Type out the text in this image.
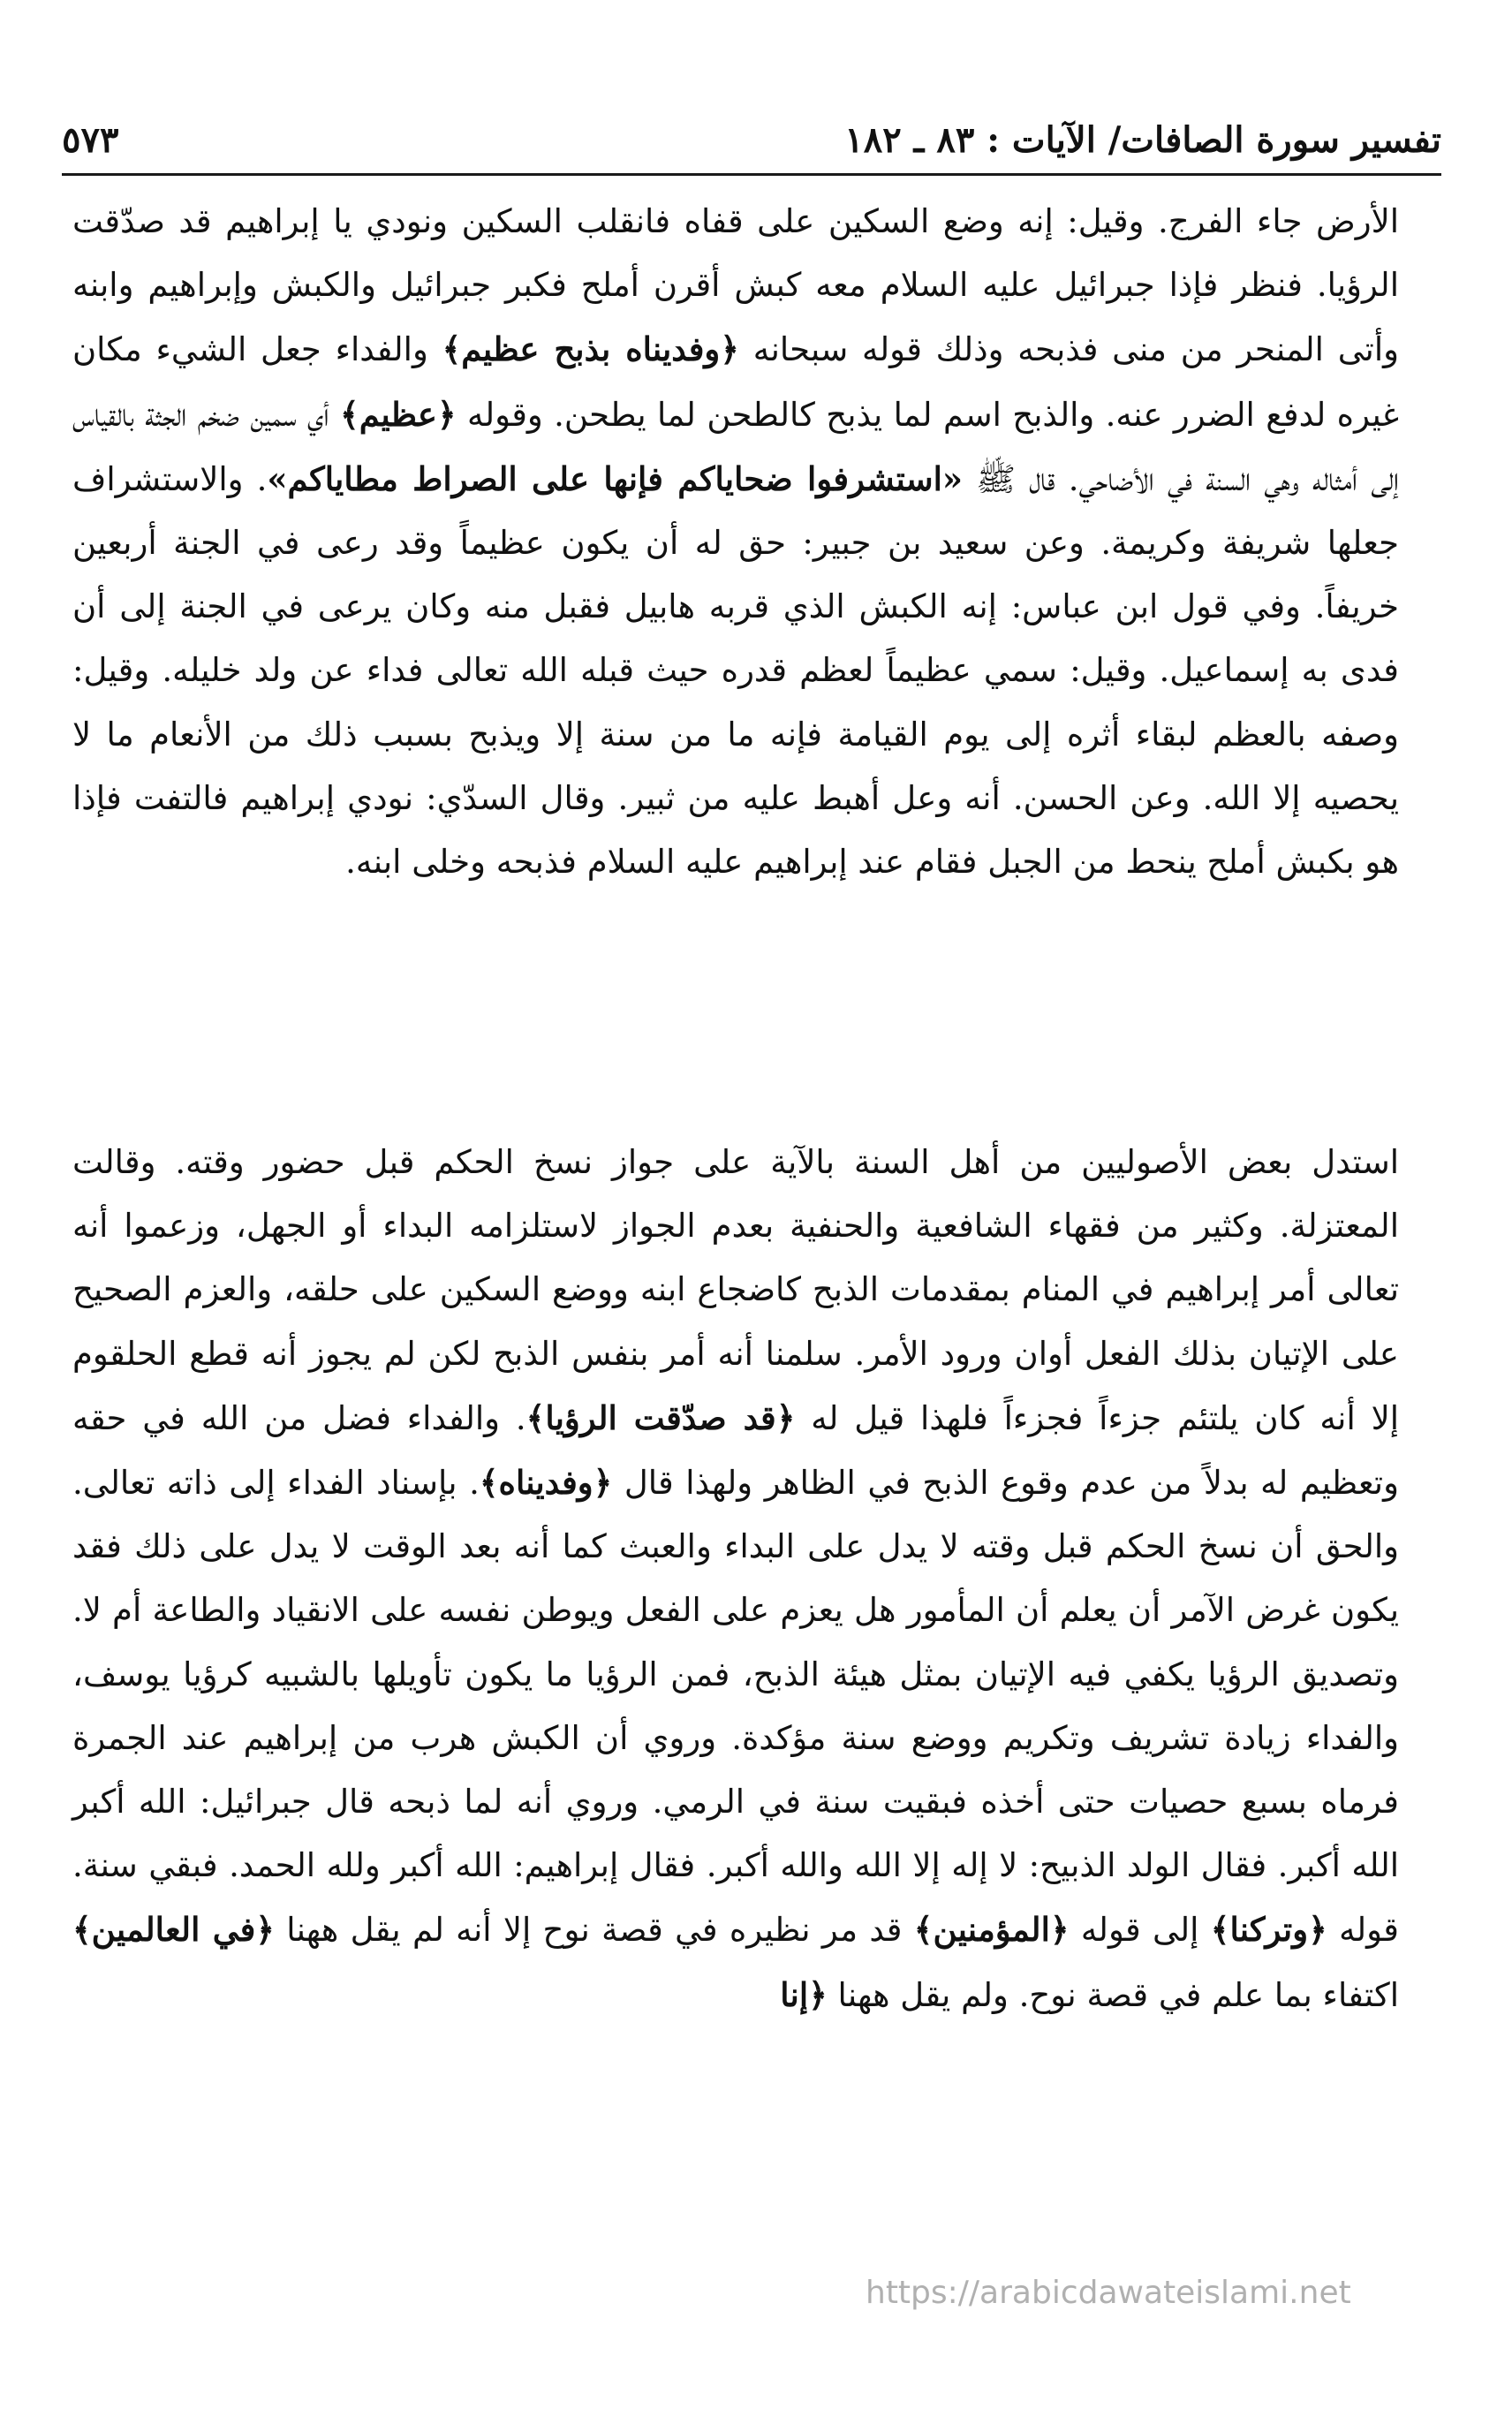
تفسير سورة الصافات/ الآيات : ٨٣ ـ ١٨٢
٥٧٣

الأرض جاء الفرج. وقيل: إنه وضع السكين على قفاه فانقلب السكين ونودي يا إبراهيم قد صدّقت الرؤيا. فنظر فإذا جبرائيل عليه السلام معه كبش أقرن أملح فكبر جبرائيل والكبش وإبراهيم وابنه وأتى المنحر من منى فذبحه وذلك قوله سبحانه ﴿وفديناه بذبح عظيم﴾ والفداء جعل الشيء مكان غيره لدفع الضرر عنه. والذبح اسم لما يذبح كالطحن لما يطحن. وقوله ﴿عظيم﴾ أي سمين ضخم الجثة بالقياس إلى أمثاله وهي السنة في الأضاحي. قال ﷺ «استشرفوا ضحاياكم فإنها على الصراط مطاياكم». والاستشراف جعلها شريفة وكريمة. وعن سعيد بن جبير: حق له أن يكون عظيماً وقد رعى في الجنة أربعين خريفاً. وفي قول ابن عباس: إنه الكبش الذي قربه هابيل فقبل منه وكان يرعى في الجنة إلى أن فدى به إسماعيل. وقيل: سمي عظيماً لعظم قدره حيث قبله الله تعالى فداء عن ولد خليله. وقيل: وصفه بالعظم لبقاء أثره إلى يوم القيامة فإنه ما من سنة إلا ويذبح بسبب ذلك من الأنعام ما لا يحصيه إلا الله. وعن الحسن. أنه وعل أهبط عليه من ثبير. وقال السدّي: نودي إبراهيم فالتفت فإذا هو بكبش أملح ينحط من الجبل فقام عند إبراهيم عليه السلام فذبحه وخلى ابنه.

استدل بعض الأصوليين من أهل السنة بالآية على جواز نسخ الحكم قبل حضور وقته. وقالت المعتزلة. وكثير من فقهاء الشافعية والحنفية بعدم الجواز لاستلزامه البداء أو الجهل، وزعموا أنه تعالى أمر إبراهيم في المنام بمقدمات الذبح كاضجاع ابنه ووضع السكين على حلقه، والعزم الصحيح على الإتيان بذلك الفعل أوان ورود الأمر. سلمنا أنه أمر بنفس الذبح لكن لم يجوز أنه قطع الحلقوم إلا أنه كان يلتئم جزءاً فجزءاً فلهذا قيل له ﴿قد صدّقت الرؤيا﴾. والفداء فضل من الله في حقه وتعظيم له بدلاً من عدم وقوع الذبح في الظاهر ولهذا قال ﴿وفديناه﴾. بإسناد الفداء إلى ذاته تعالى. والحق أن نسخ الحكم قبل وقته لا يدل على البداء والعبث كما أنه بعد الوقت لا يدل على ذلك فقد يكون غرض الآمر أن يعلم أن المأمور هل يعزم على الفعل ويوطن نفسه على الانقياد والطاعة أم لا. وتصديق الرؤيا يكفي فيه الإتيان بمثل هيئة الذبح، فمن الرؤيا ما يكون تأويلها بالشبيه كرؤيا يوسف، والفداء زيادة تشريف وتكريم ووضع سنة مؤكدة. وروي أن الكبش هرب من إبراهيم عند الجمرة فرماه بسبع حصيات حتى أخذه فبقيت سنة في الرمي. وروي أنه لما ذبحه قال جبرائيل: الله أكبر الله أكبر. فقال الولد الذبيح: لا إله إلا الله والله أكبر. فقال إبراهيم: الله أكبر ولله الحمد. فبقي سنة. قوله ﴿وتركنا﴾ إلى قوله ﴿المؤمنين﴾ قد مر نظيره في قصة نوح إلا أنه لم يقل ههنا ﴿في العالمين﴾ اكتفاء بما علم في قصة نوح. ولم يقل ههنا ﴿إنا

https://arabicdawateislami.net
